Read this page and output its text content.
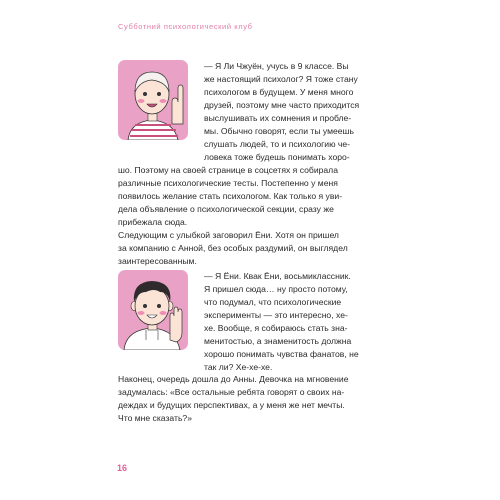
Субботний психологический клуб

— Я Ли Чжуён, учусь в 9 классе. Вы
же настоящий психолог? Я тоже стану
психологом в будущем. У меня много
друзей, поэтому мне часто приходится
выслушивать их сомнения и пробле-
мы. Обычно говорят, если ты умеешь
слушать людей, то и психологию че-
ловека тоже будешь понимать хоро-
шо. Поэтому на своей странице в соцсетях я собирала
различные психологические тесты. Постепенно у меня
появилось желание стать психологом. Как только я уви-
дела объявление о психологической секции, сразу же
прибежала сюда.

Следующим с улыбкой заговорил Ёни. Хотя он пришел
за компанию с Анной, без особых раздумий, он выглядел
заинтересованным.

— Я Ёни. Квак Ёни, восьмиклассник.
Я пришел сюда… ну просто потому,
что подумал, что психологические
эксперименты — это интересно, хе-
хе. Вообще, я собираюсь стать зна-
менитостью, а знаменитость должна
хорошо понимать чувства фанатов, не
так ли? Хе-хе-хе.

Наконец, очередь дошла до Анны. Девочка на мгновение
задумалась: «Все остальные ребята говорят о своих на-
деждах и будущих перспективах, а у меня же нет мечты.
Что мне сказать?»

16
